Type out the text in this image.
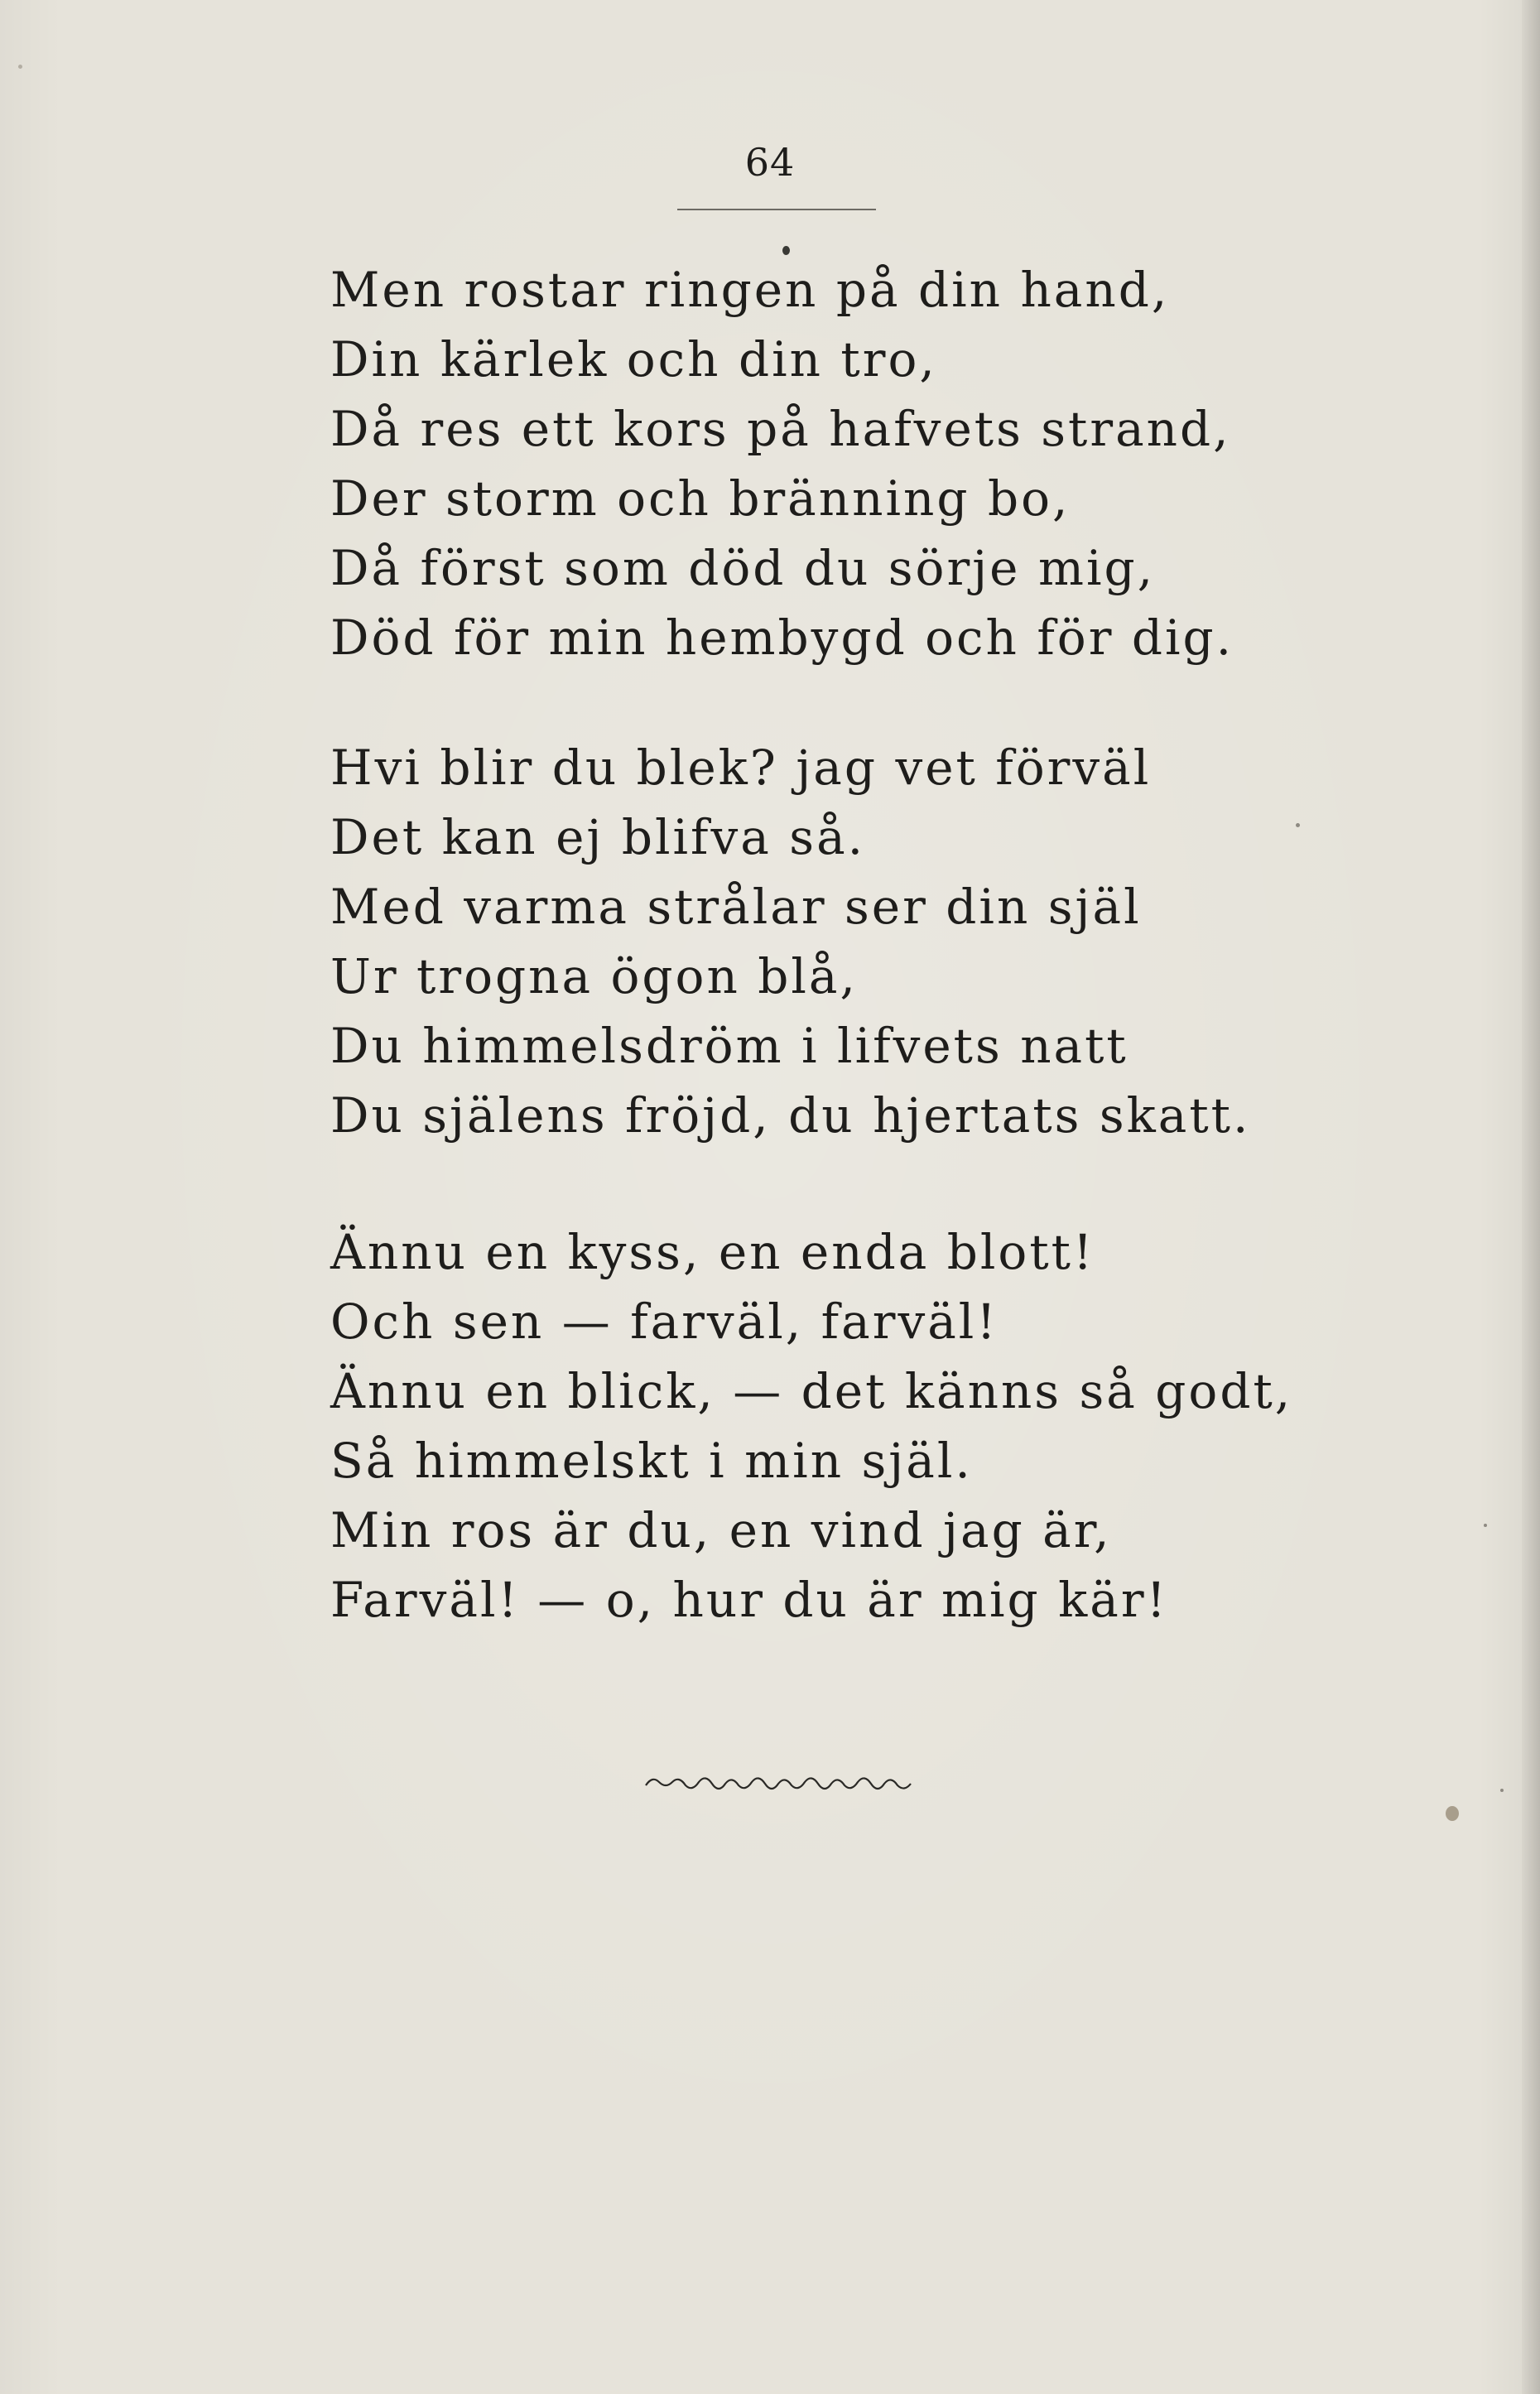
64
Men rostar ringen på din hand,
Din kärlek och din tro,
Då res ett kors på hafvets strand,
Der storm och bränning bo,
Då först som död du sörje mig,
Död för min hembygd och för dig.
Hvi blir du blek? jag vet förväl
Det kan ej blifva så.
Med varma strålar ser din själ
Ur trogna ögon blå,
Du himmelsdröm i lifvets natt
Du själens fröjd, du hjertats skatt.
Ännu en kyss, en enda blott!
Och sen — farväl, farväl!
Ännu en blick, — det känns så godt,
Så himmelskt i min själ.
Min ros är du, en vind jag är,
Farväl! — o, hur du är mig kär!
